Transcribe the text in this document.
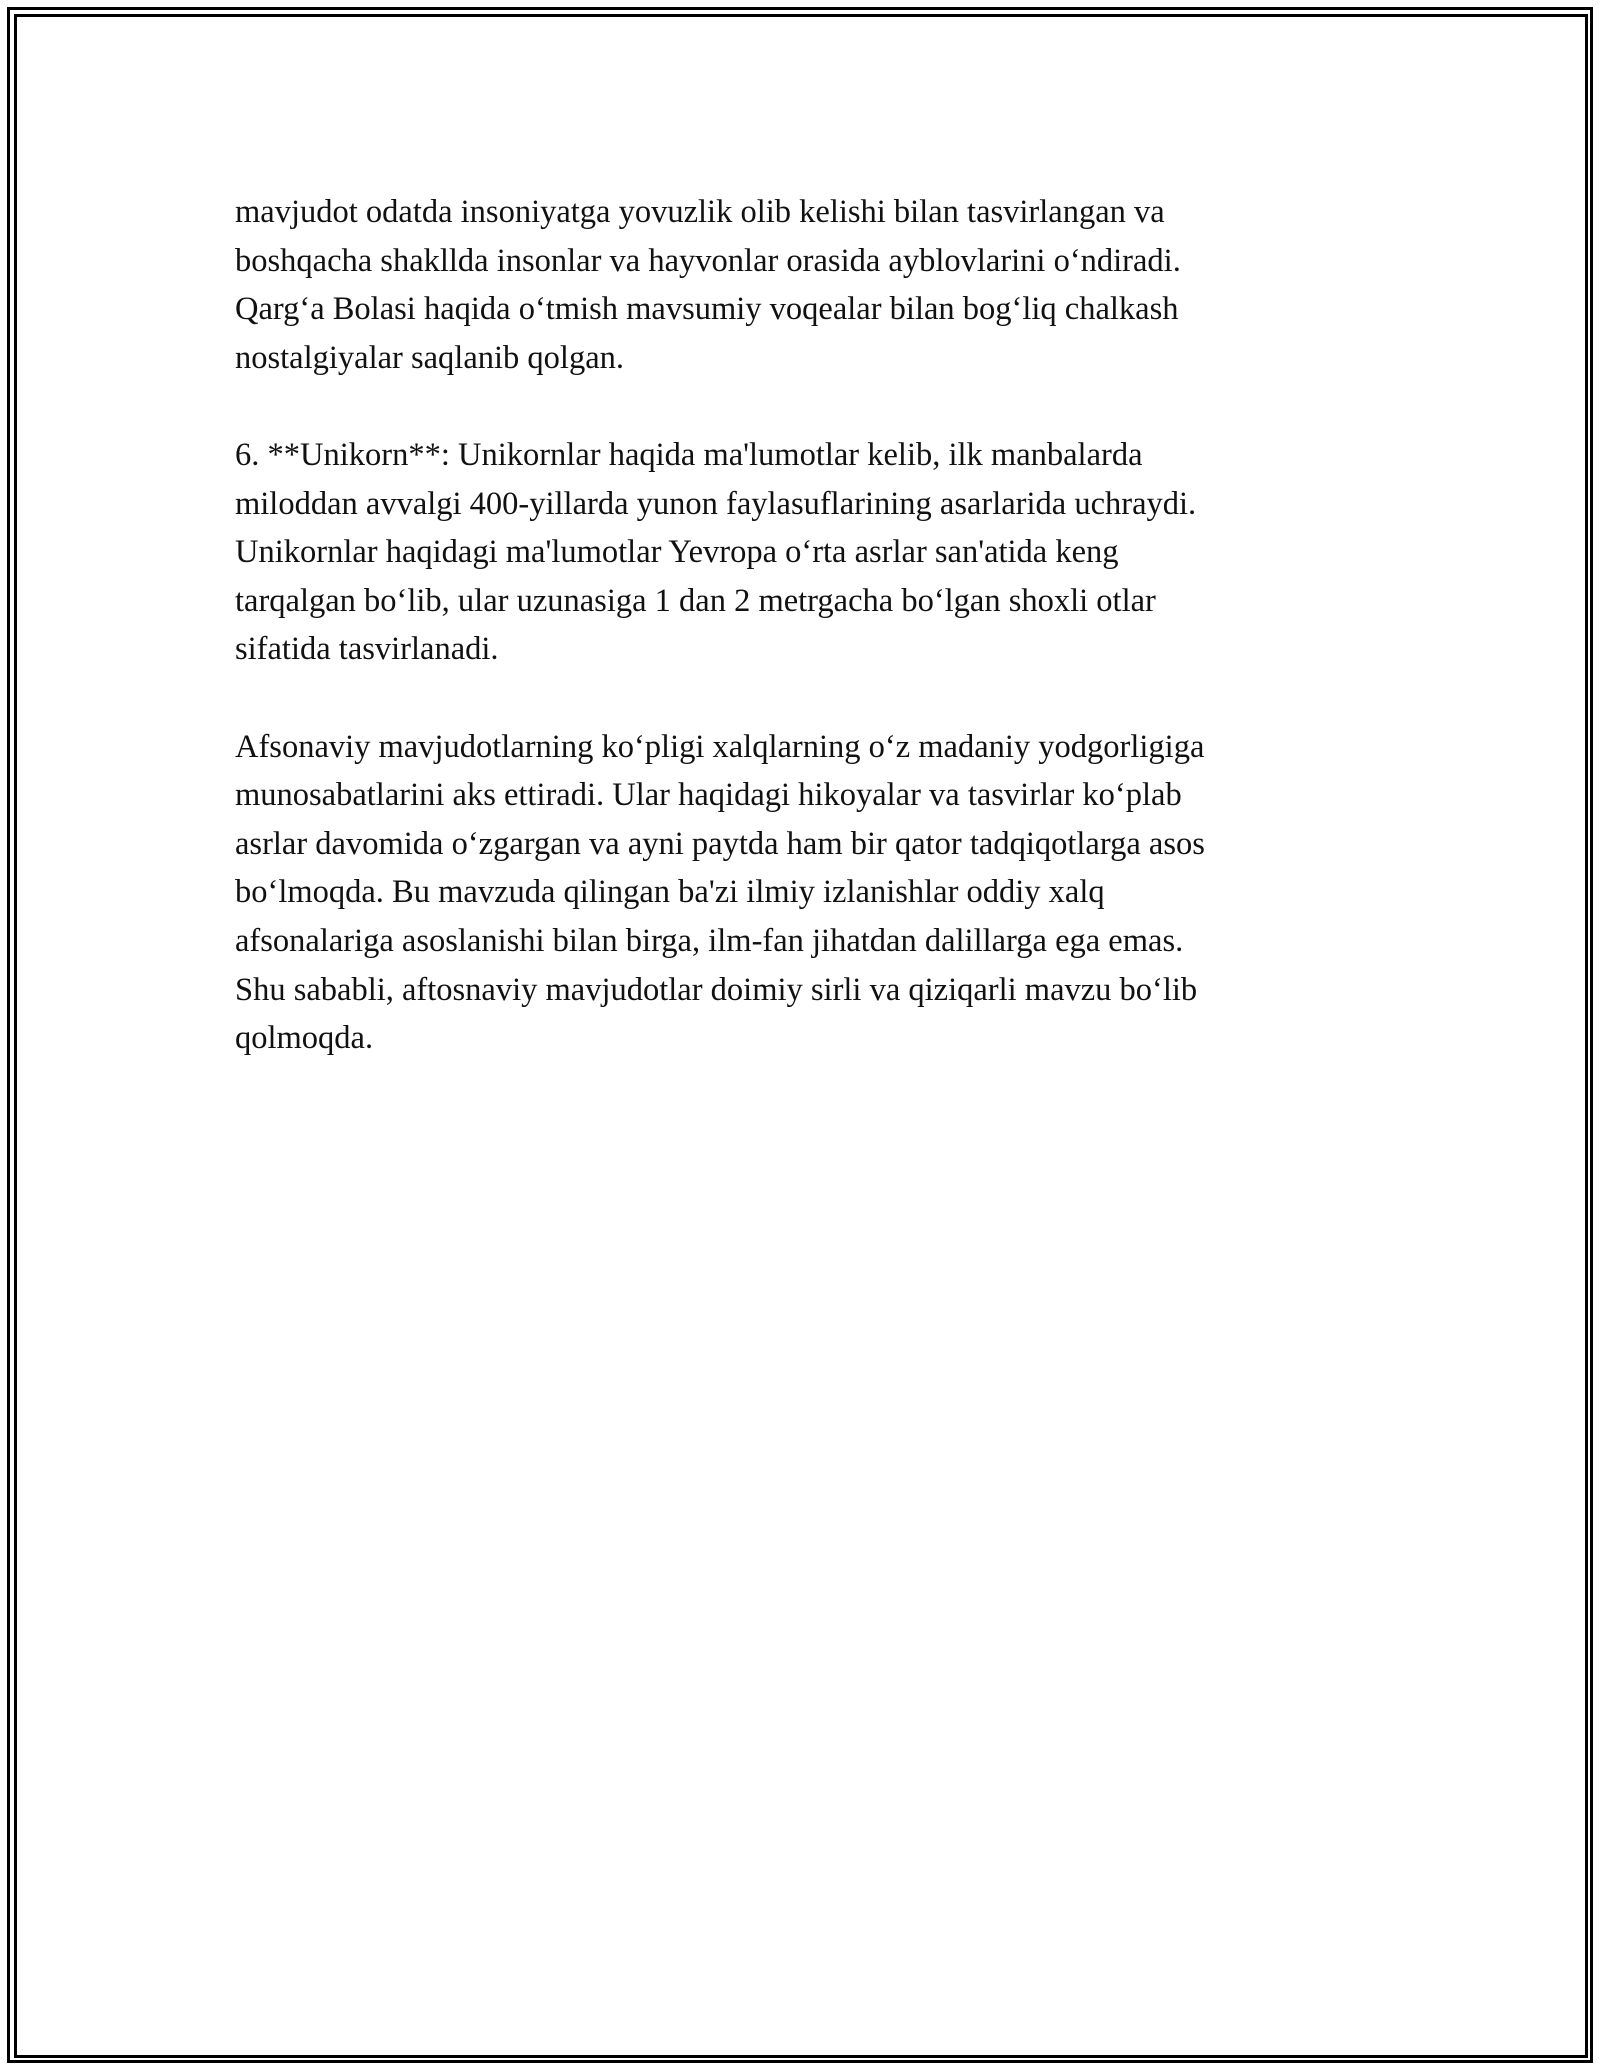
mavjudot odatda insoniyatga yovuzlik olib kelishi bilan tasvirlangan va
boshqacha shakllda insonlar va hayvonlar orasida ayblovlarini o‘ndiradi.
Qarg‘a Bolasi haqida o‘tmish mavsumiy voqealar bilan bog‘liq chalkash
nostalgiyalar saqlanib qolgan.

6. **Unikorn**: Unikornlar haqida ma'lumotlar kelib, ilk manbalarda
miloddan avvalgi 400-yillarda yunon faylasuflarining asarlarida uchraydi.
Unikornlar haqidagi ma'lumotlar Yevropa o‘rta asrlar san'atida keng
tarqalgan bo‘lib, ular uzunasiga 1 dan 2 metrgacha bo‘lgan shoxli otlar
sifatida tasvirlanadi.

Afsonaviy mavjudotlarning ko‘pligi xalqlarning o‘z madaniy yodgorligiga
munosabatlarini aks ettiradi. Ular haqidagi hikoyalar va tasvirlar ko‘plab
asrlar davomida o‘zgargan va ayni paytda ham bir qator tadqiqotlarga asos
bo‘lmoqda. Bu mavzuda qilingan ba'zi ilmiy izlanishlar oddiy xalq
afsonalariga asoslanishi bilan birga, ilm-fan jihatdan dalillarga ega emas.
Shu sababli, aftosnaviy mavjudotlar doimiy sirli va qiziqarli mavzu bo‘lib
qolmoqda.
